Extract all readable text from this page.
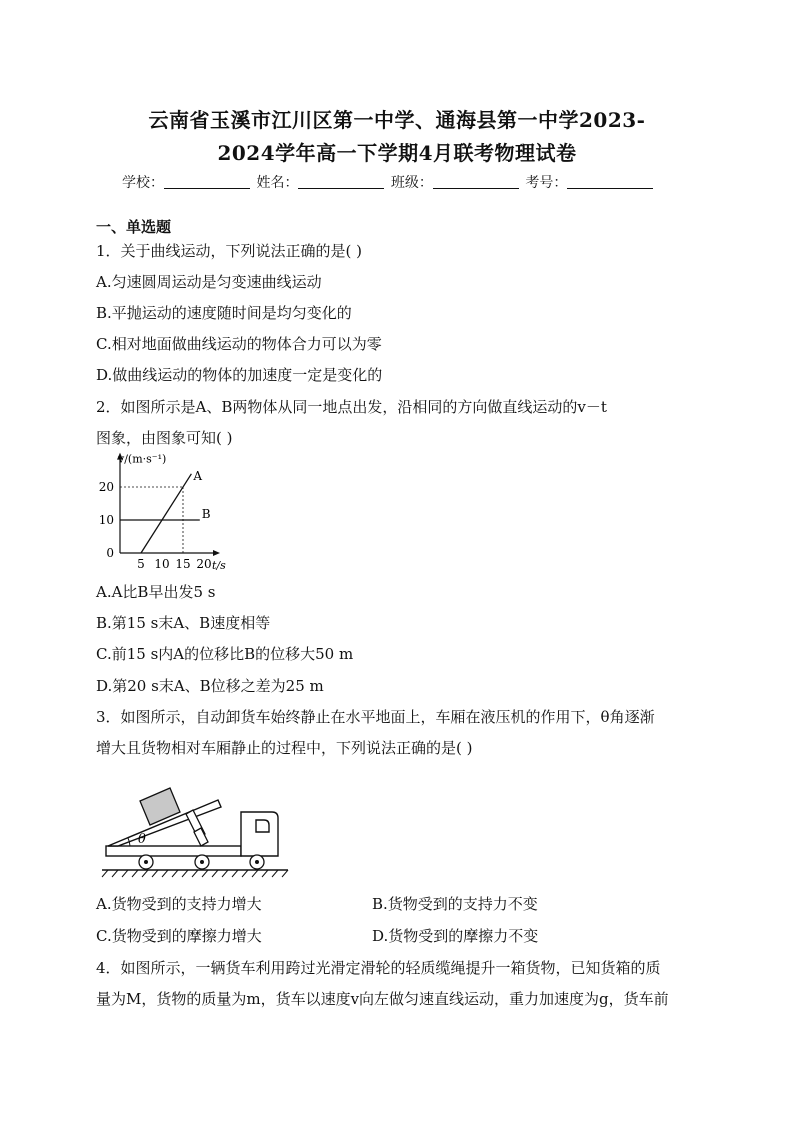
云南省玉溪市江川区第一中学、通海县第一中学2023-
2024学年高一下学期4月联考物理试卷
学校：	姓名：	班级：	考号：
一、单选题
1．关于曲线运动，下列说法正确的是( )
A.匀速圆周运动是匀变速曲线运动
B.平抛运动的速度随时间是均匀变化的
C.相对地面做曲线运动的物体合力可以为零
D.做曲线运动的物体的加速度一定是变化的
2．如图所示是A、B两物体从同一地点出发，沿相同的方向做直线运动的v－t
图象，由图象可知( )
v/(m·s⁻¹)
t/s
5 10 15 20
0
10
20
A
B
A.A比B早出发5 s
B.第15 s末A、B速度相等
C.前15 s内A的位移比B的位移大50 m
D.第20 s末A、B位移之差为25 m
3．如图所示，自动卸货车始终静止在水平地面上，车厢在液压机的作用下，θ角逐渐
增大且货物相对车厢静止的过程中，下列说法正确的是( )
θ
A.货物受到的支持力增大	B.货物受到的支持力不变
C.货物受到的摩擦力增大	D.货物受到的摩擦力不变
4．如图所示，一辆货车利用跨过光滑定滑轮的轻质缆绳提升一箱货物，已知货箱的质
量为M，货物的质量为m，货车以速度v向左做匀速直线运动，重力加速度为g，货车前
